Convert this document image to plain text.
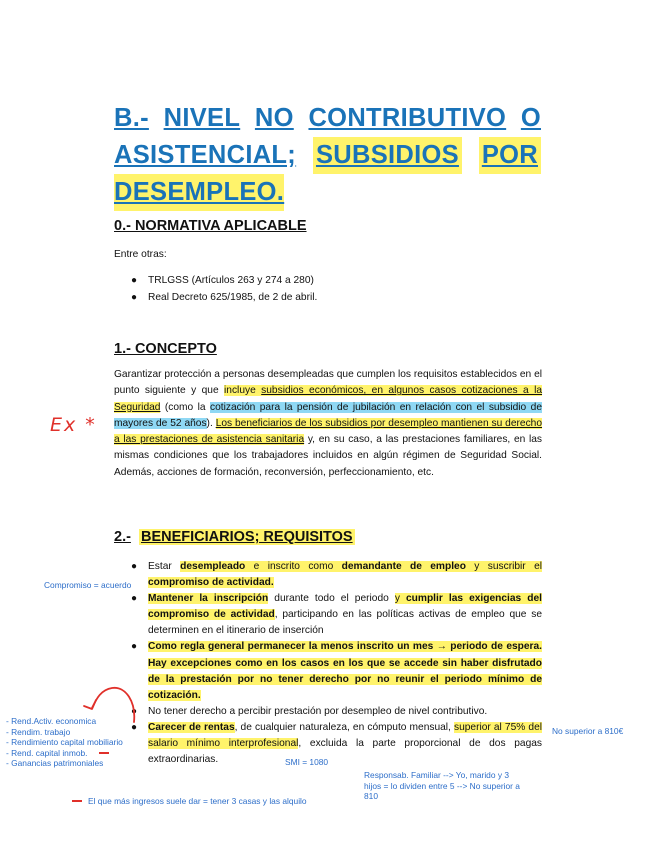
B.- NIVEL NO CONTRIBUTIVO O
ASISTENCIAL; SUBSIDIOS POR
DESEMPLEO.
0.- NORMATIVA APLICABLE
Entre otras:
● TRLGSS (Artículos 263 y 274 a 280)
● Real Decreto 625/1985, de 2 de abril.
1.- CONCEPTO
Garantizar protección a personas desempleadas que cumplen los requisitos establecidos en el punto siguiente y que incluye subsidios económicos, en algunos casos cotizaciones a la Seguridad (como la cotización para la pensión de jubilación en relación con el subsidio de mayores de 52 años). Los beneficiarios de los subsidios por desempleo mantienen su derecho a las prestaciones de asistencia sanitaria y, en su caso, a las prestaciones familiares, en las mismas condiciones que los trabajadores incluidos en algún régimen de Seguridad Social. Además, acciones de formación, reconversión, perfeccionamiento, etc.
Ex *
2.- BENEFICIARIOS; REQUISITOS
Compromiso = acuerdo
● Estar desempleado e inscrito como demandante de empleo y suscribir el compromiso de actividad.
● Mantener la inscripción durante todo el periodo y cumplir las exigencias del compromiso de actividad, participando en las políticas activas de empleo que se determinen en el itinerario de inserción
● Como regla general permanecer la menos inscrito un mes → periodo de espera. Hay excepciones como en los casos en los que se accede sin haber disfrutado de la prestación por no tener derecho por no reunir el periodo mínimo de cotización.
● No tener derecho a percibir prestación por desempleo de nivel contributivo.
● Carecer de rentas, de cualquier naturaleza, en cómputo mensual, superior al 75% del salario mínimo interprofesional, excluida la parte proporcional de dos pagas extraordinarias.
- Rend.Activ. economica
- Rendim. trabajo
- Rendimiento capital mobiliario
- Rend. capital inmob.
- Ganancias patrimoniales
No superior a 810€
SMI = 1080
Responsab. Familiar --> Yo, marido y 3
hijos = lo dividen entre 5 --> No superior a
810
El que más ingresos suele dar = tener 3 casas y las alquilo
